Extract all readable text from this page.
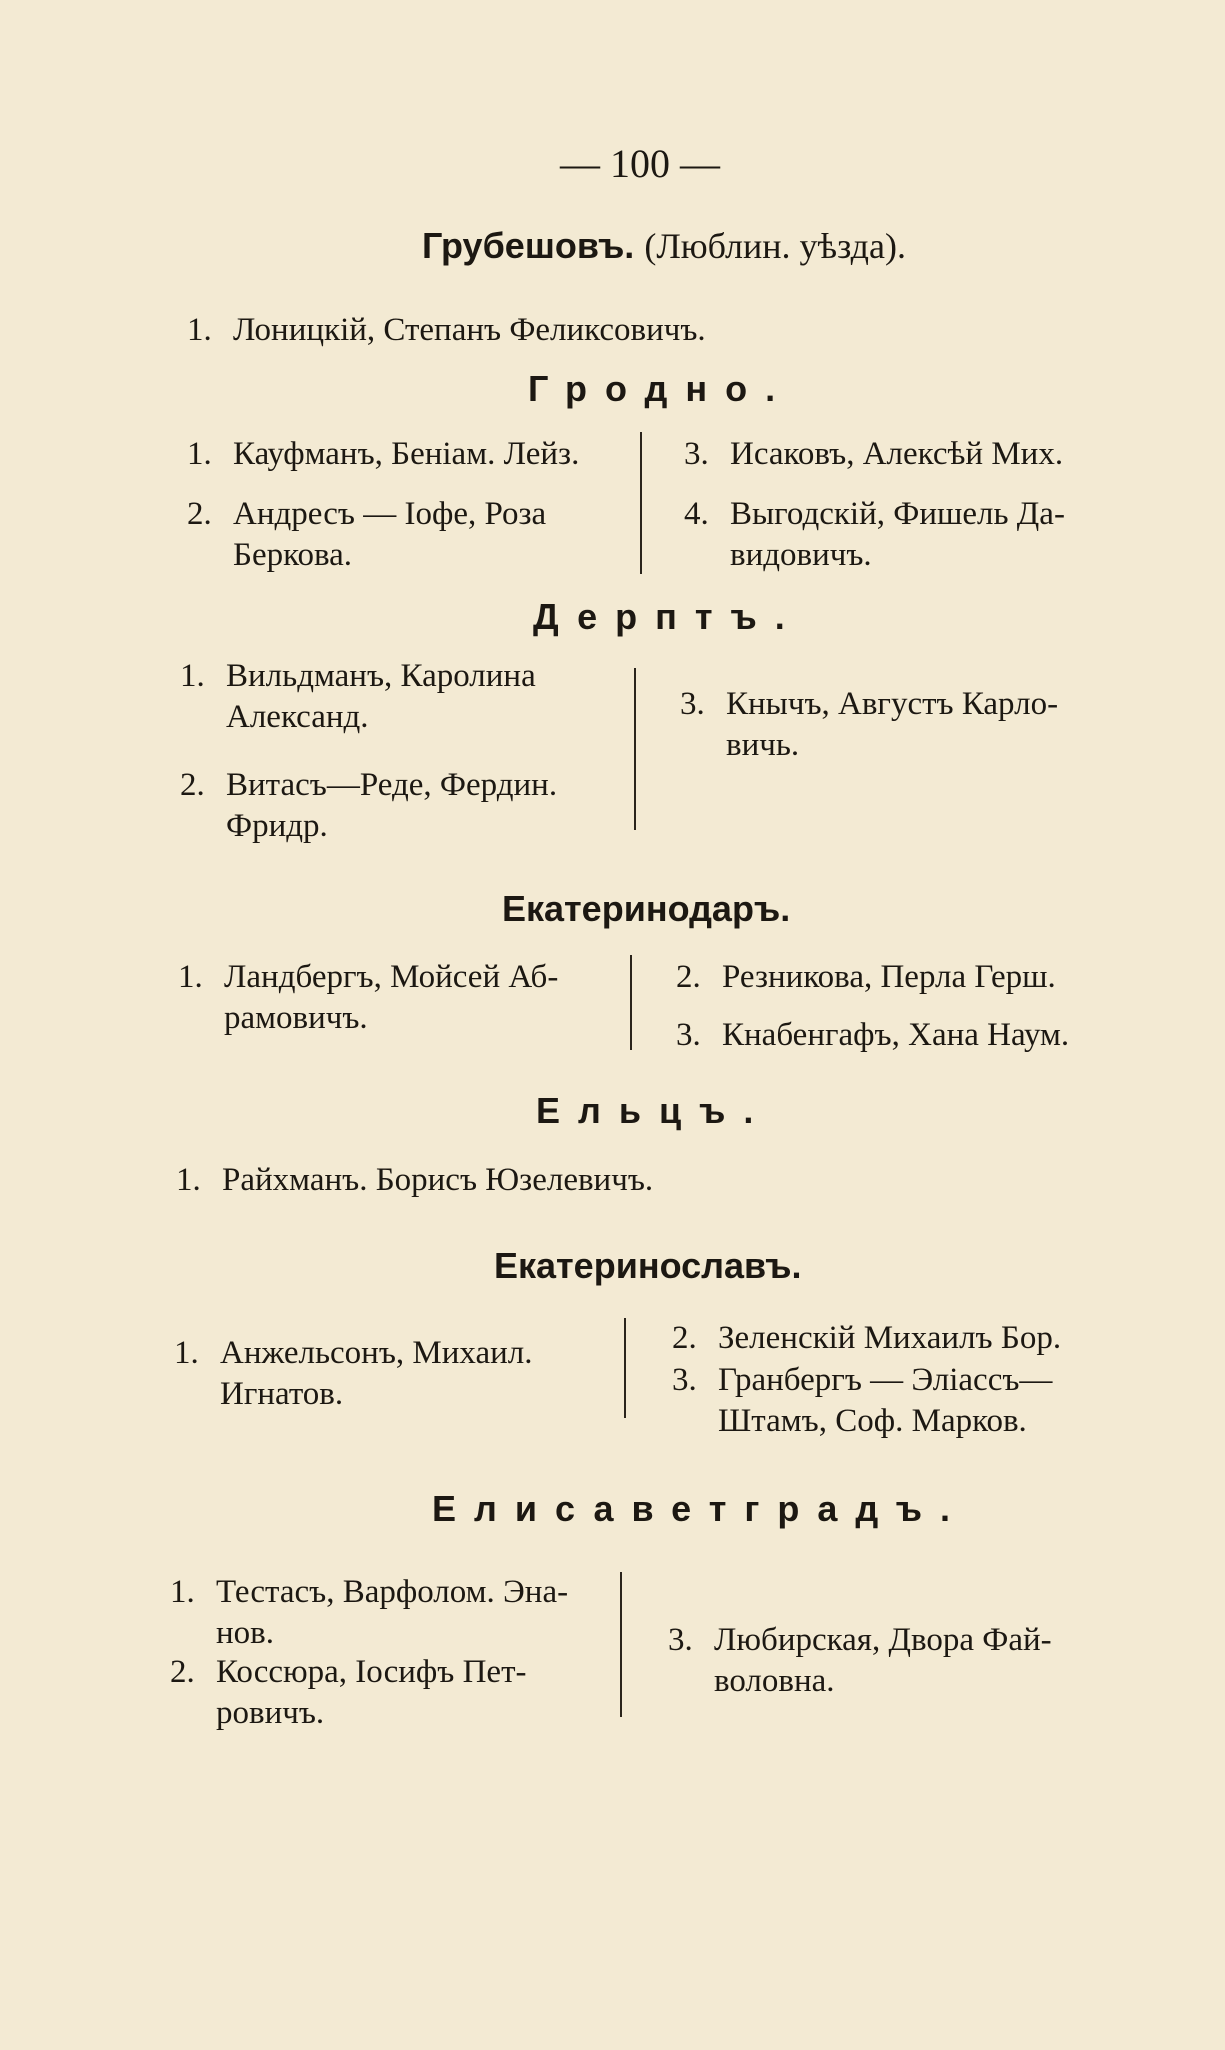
— 100 —
Грубешовъ. (Люблин. уѣзда).
1. Лоницкій, Степанъ Феликсовичъ.
Гродно.
1. Кауфманъ, Беніам. Лейз.
2. Андресъ — Іофе, Роза
Беркова.
3. Исаковъ, Алексѣй Мих.
4. Выгодскій, Фишель Да-
видовичъ.
Дерптъ.
1. Вильдманъ, Каролина
Александ.
2. Витасъ—Реде, Фердин.
Фридр.
3. Кнычъ, Августъ Карло-
вичь.
Екатеринодаръ.
1. Ландбергъ, Мойсей Аб-
рамовичъ.
2. Резникова, Перла Герш.
3. Кнабенгафъ, Хана Наум.
Ельцъ.
1. Райхманъ. Борисъ Юзелевичъ.
Екатеринославъ.
1. Анжельсонъ, Михаил.
Игнатов.
2. Зеленскій Михаилъ Бор.
3. Гранбергъ — Эліассъ—
Штамъ, Соф. Марков.
Елисаветградъ.
1. Тестасъ, Варфолом. Эна-
нов.
2. Коссюра, Іосифъ Пет-
ровичъ.
3. Любирская, Двора Фай-
воловна.
